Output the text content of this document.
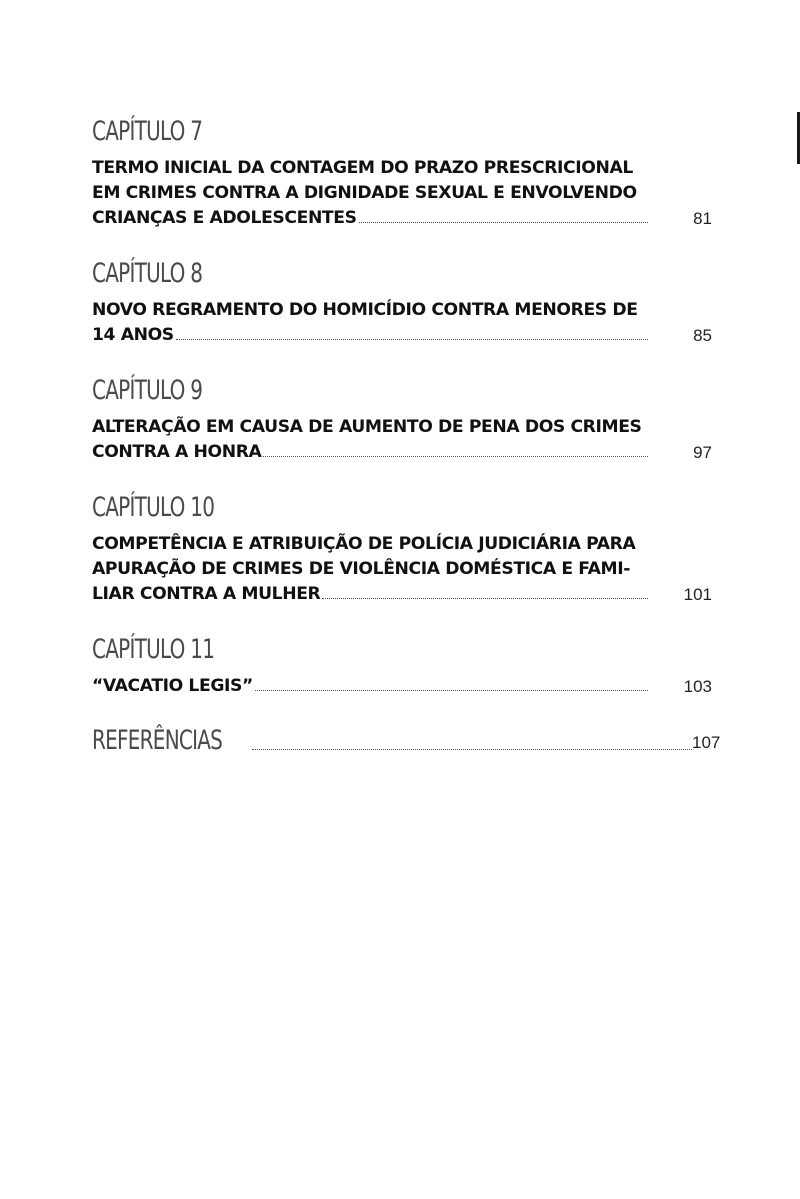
CAPÍTULO 7
TERMO INICIAL DA CONTAGEM DO PRAZO PRESCRICIONAL
EM CRIMES CONTRA A DIGNIDADE SEXUAL E ENVOLVENDO
CRIANÇAS E ADOLESCENTES	81
CAPÍTULO 8
NOVO REGRAMENTO DO HOMICÍDIO CONTRA MENORES DE
14 ANOS	85
CAPÍTULO 9
ALTERAÇÃO EM CAUSA DE AUMENTO DE PENA DOS CRIMES
CONTRA A HONRA	97
CAPÍTULO 10
COMPETÊNCIA E ATRIBUIÇÃO DE POLÍCIA JUDICIÁRIA PARA
APURAÇÃO DE CRIMES DE VIOLÊNCIA DOMÉSTICA E FAMI-
LIAR CONTRA A MULHER	101
CAPÍTULO 11
“VACATIO LEGIS”	103
REFERÊNCIAS	107
